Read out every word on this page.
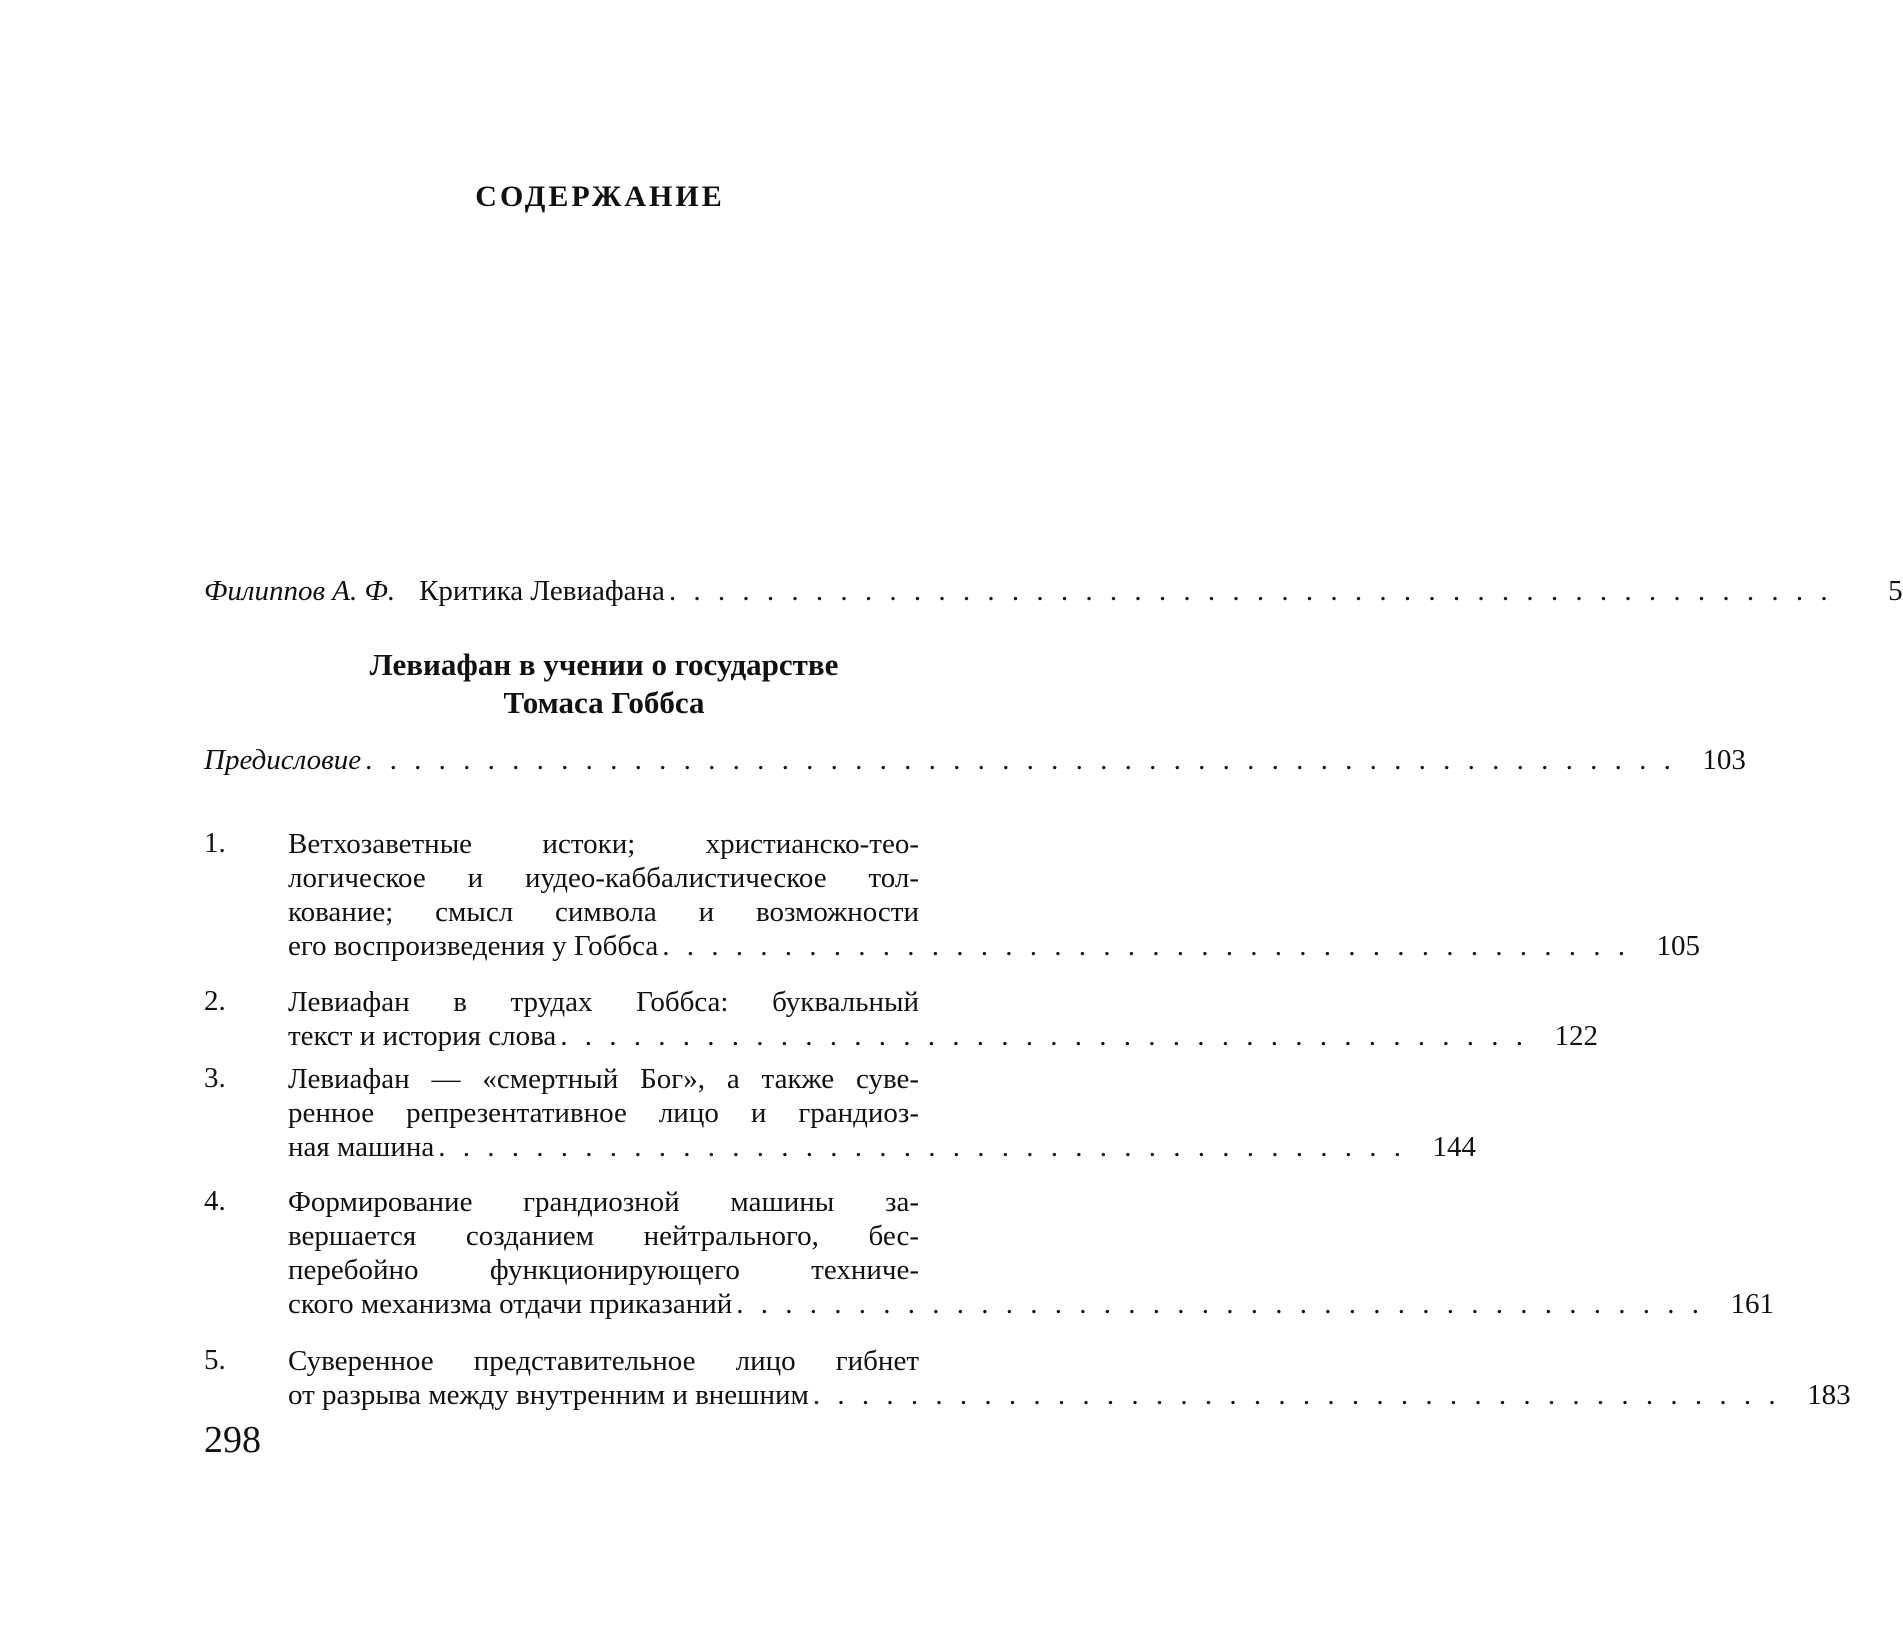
СОДЕРЖАНИЕ
Филиппов А. Ф. Критика Левиафана . . . . . . . . . . . . . . . . . . . . . . . . . . . . . . . . . . . . . . . . . . . . . . . .	5
Левиафан в учении о государстве
Томаса Гоббса
Предисловие . . . . . . . . . . . . . . . . . . . . . . . . . . . . . . . . . . . . . . . . . . . . . . . . . . . . . . 103
1. Ветхозаветные истоки; христианско-тео-
логическое и иудео-каббалистическое тол-
кование; смысл символа и возможности
его воспроизведения у Гоббса . . . . . . . . . . . . . . . . . . . . . . . . . . . . . . . . . . . . . . . . 105
2. Левиафан в трудах Гоббса: буквальный
текст и история слова . . . . . . . . . . . . . . . . . . . . . . . . . . . . . . . . . . . . . . . . 122
3. Левиафан — «смертный Бог», а также суве-
ренное репрезентативное лицо и грандиоз-
ная машина . . . . . . . . . . . . . . . . . . . . . . . . . . . . . . . . . . . . . . . . 144
4. Формирование грандиозной машины за-
вершается созданием нейтрального, бес-
перебойно функционирующего техниче-
ского механизма отдачи приказаний . . . . . . . . . . . . . . . . . . . . . . . . . . . . . . . . . . . . . . . . 161
5. Суверенное представительное лицо гибнет
от разрыва между внутренним и внешним . . . . . . . . . . . . . . . . . . . . . . . . . . . . . . . . . . . . . . . . 183
298
